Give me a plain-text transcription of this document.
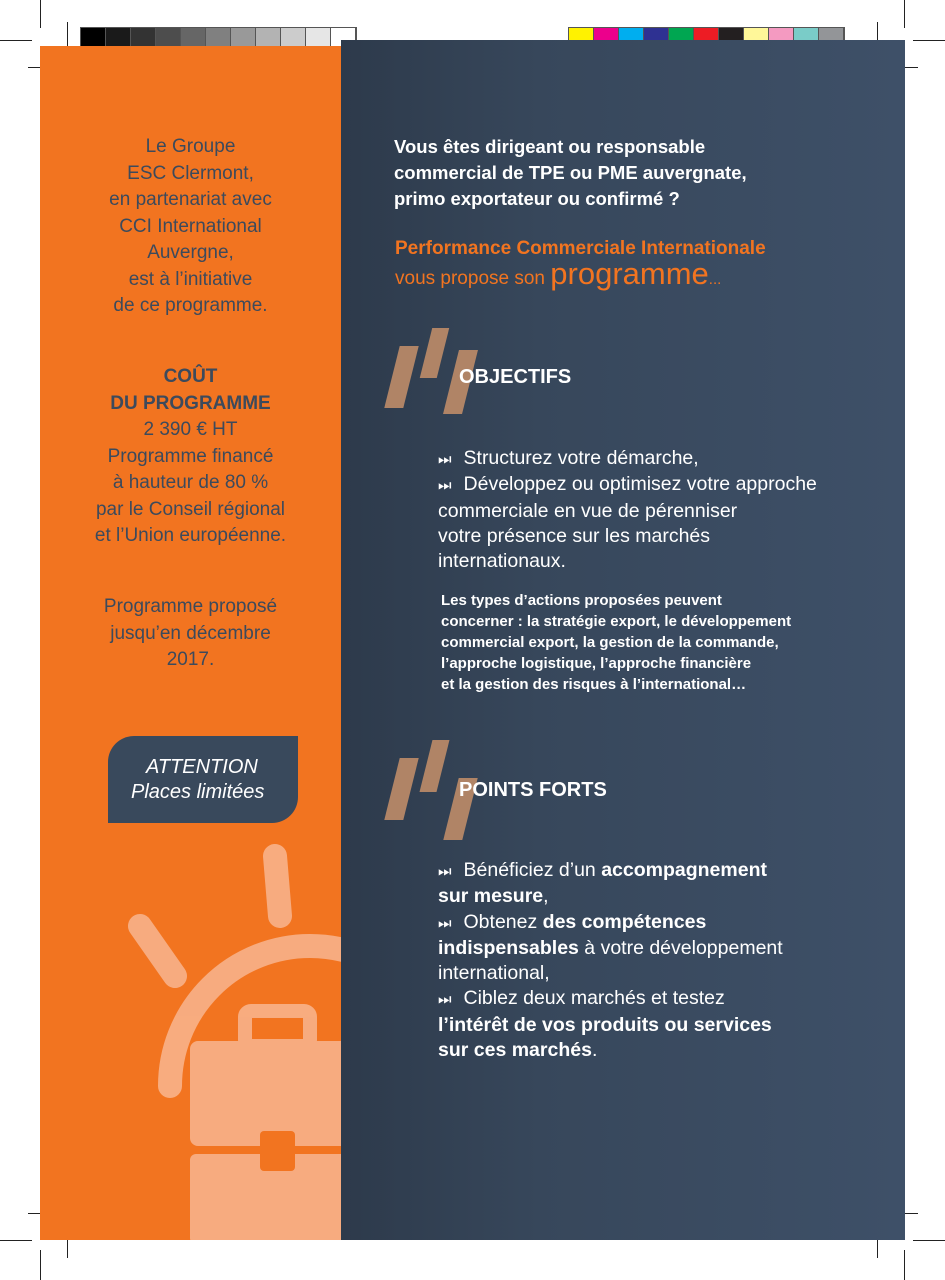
Le Groupe
ESC Clermont,
en partenariat avec
CCI International
Auvergne,
est à l’initiative
de ce programme.
COÛT
DU PROGRAMME
2 390 € HT
Programme financé
à hauteur de 80 %
par le Conseil régional
et l’Union européenne.
Programme proposé
jusqu’en décembre
2017.
ATTENTION
Places limitées
Vous êtes dirigeant ou responsable
commercial de TPE ou PME auvergnate,
primo exportateur ou confirmé ?
Performance Commerciale Internationale
vous propose son programme...
OBJECTIFS
⏭ Structurez votre démarche,
⏭ Développez ou optimisez votre approche
commerciale en vue de pérenniser
votre présence sur les marchés
internationaux.
Les types d’actions proposées peuvent
concerner : la stratégie export, le développement
commercial export, la gestion de la commande,
l’approche logistique, l’approche financière
et la gestion des risques à l’international…
POINTS FORTS
⏭ Bénéficiez d’un accompagnement
sur mesure,
⏭ Obtenez des compétences
indispensables à votre développement
international,
⏭ Ciblez deux marchés et testez
l’intérêt de vos produits ou services
sur ces marchés.
